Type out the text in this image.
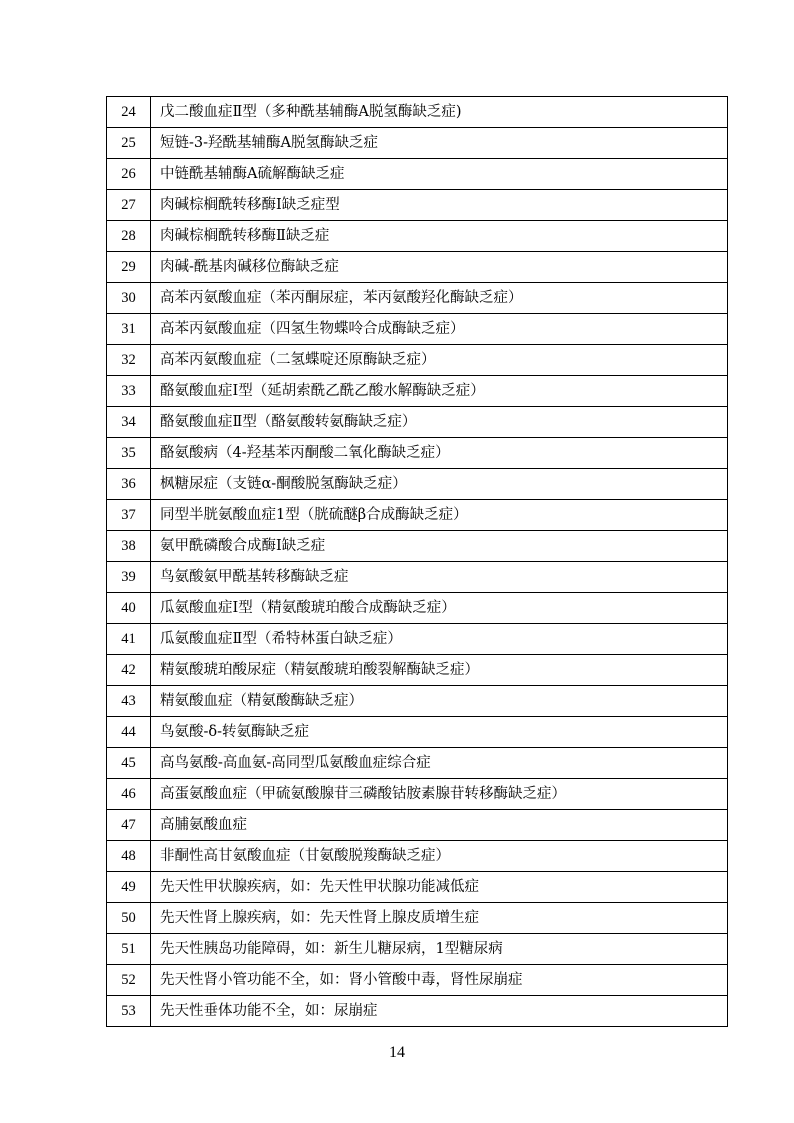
24	戊二酸血症Ⅱ型（多种酰基辅酶A脱氢酶缺乏症)
25	短链-3-羟酰基辅酶A脱氢酶缺乏症
26	中链酰基辅酶A硫解酶缺乏症
27	肉碱棕榈酰转移酶Ⅰ缺乏症型
28	肉碱棕榈酰转移酶Ⅱ缺乏症
29	肉碱-酰基肉碱移位酶缺乏症
30	高苯丙氨酸血症（苯丙酮尿症，苯丙氨酸羟化酶缺乏症）
31	高苯丙氨酸血症（四氢生物蝶呤合成酶缺乏症）
32	高苯丙氨酸血症（二氢蝶啶还原酶缺乏症）
33	酪氨酸血症Ⅰ型（延胡索酰乙酰乙酸水解酶缺乏症）
34	酪氨酸血症Ⅱ型（酪氨酸转氨酶缺乏症）
35	酪氨酸病（4-羟基苯丙酮酸二氧化酶缺乏症）
36	枫糖尿症（支链α-酮酸脱氢酶缺乏症）
37	同型半胱氨酸血症1型（胱硫醚β合成酶缺乏症）
38	氨甲酰磷酸合成酶Ⅰ缺乏症
39	鸟氨酸氨甲酰基转移酶缺乏症
40	瓜氨酸血症Ⅰ型（精氨酸琥珀酸合成酶缺乏症）
41	瓜氨酸血症Ⅱ型（希特林蛋白缺乏症）
42	精氨酸琥珀酸尿症（精氨酸琥珀酸裂解酶缺乏症）
43	精氨酸血症（精氨酸酶缺乏症）
44	鸟氨酸-δ-转氨酶缺乏症
45	高鸟氨酸-高血氨-高同型瓜氨酸血症综合症
46	高蛋氨酸血症（甲硫氨酸腺苷三磷酸钴胺素腺苷转移酶缺乏症）
47	高脯氨酸血症
48	非酮性高甘氨酸血症（甘氨酸脱羧酶缺乏症）
49	先天性甲状腺疾病，如：先天性甲状腺功能减低症
50	先天性肾上腺疾病，如：先天性肾上腺皮质增生症
51	先天性胰岛功能障碍，如：新生儿糖尿病，1型糖尿病
52	先天性肾小管功能不全，如：肾小管酸中毒，肾性尿崩症
53	先天性垂体功能不全，如：尿崩症
14
